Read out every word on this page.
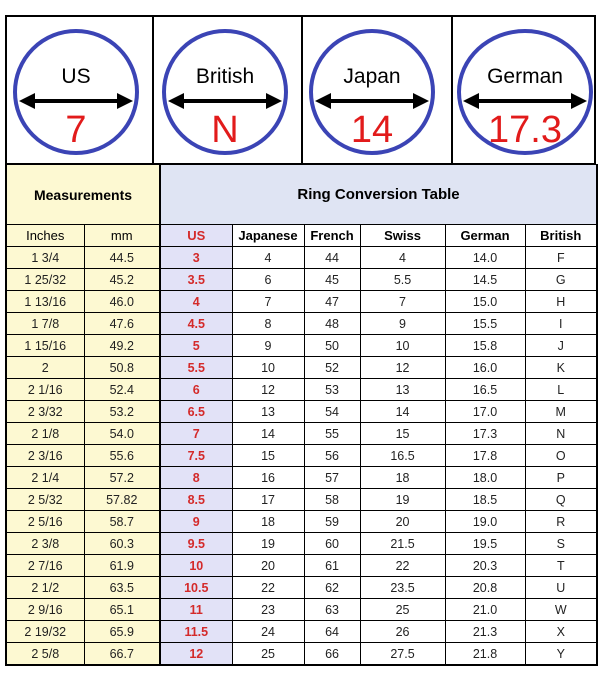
US
7
British
N
Japan
14
German
17.3
Measurements		Ring Conversion Table					
Inches	mm	US	Japanese	French	Swiss	German	British
1 3/4	44.5	3	4	44	4	14.0	F
1 25/32	45.2	3.5	6	45	5.5	14.5	G
1 13/16	46.0	4	7	47	7	15.0	H
1 7/8	47.6	4.5	8	48	9	15.5	I
1 15/16	49.2	5	9	50	10	15.8	J
2	50.8	5.5	10	52	12	16.0	K
2 1/16	52.4	6	12	53	13	16.5	L
2 3/32	53.2	6.5	13	54	14	17.0	M
2 1/8	54.0	7	14	55	15	17.3	N
2 3/16	55.6	7.5	15	56	16.5	17.8	O
2 1/4	57.2	8	16	57	18	18.0	P
2 5/32	57.82	8.5	17	58	19	18.5	Q
2 5/16	58.7	9	18	59	20	19.0	R
2 3/8	60.3	9.5	19	60	21.5	19.5	S
2 7/16	61.9	10	20	61	22	20.3	T
2 1/2	63.5	10.5	22	62	23.5	20.8	U
2 9/16	65.1	11	23	63	25	21.0	W
2 19/32	65.9	11.5	24	64	26	21.3	X
2 5/8	66.7	12	25	66	27.5	21.8	Y
